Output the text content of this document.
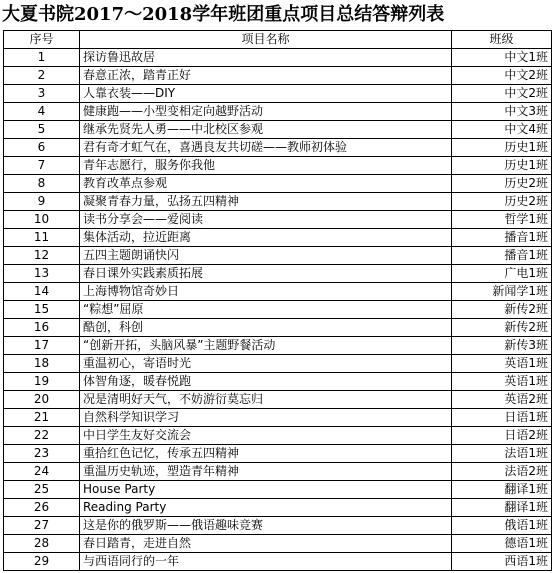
大夏书院2017～2018学年班团重点项目总结答辩列表
序号	项目名称	班级
1	探访鲁迅故居	中文1班
2	春意正浓，踏青正好	中文2班
3	人靠衣装——DIY	中文2班
4	健康跑——小型变相定向越野活动	中文3班
5	继承先贤先人勇——中北校区参观	中文4班
6	君有奇才虹气在，喜遇良友共切磋——教师初体验	历史1班
7	青年志愿行，服务你我他	历史1班
8	教育改革点参观	历史2班
9	凝聚青春力量，弘扬五四精神	历史2班
10	读书分享会——爱阅读	哲学1班
11	集体活动，拉近距离	播音1班
12	五四主题朗诵快闪	播音1班
13	春日课外实践素质拓展	广电1班
14	上海博物馆奇妙日	新闻学1班
15	“粽想”屈原	新传2班
16	酷创，科创	新传2班
17	“创新开拓，头脑风暴”主题野餐活动	新传3班
18	重温初心，寄语时光	英语1班
19	体智角逐，暖春悦跑	英语1班
20	况是清明好天气，不妨游衍莫忘归	英语2班
21	自然科学知识学习	日语1班
22	中日学生友好交流会	日语2班
23	重拾红色记忆，传承五四精神	法语1班
24	重温历史轨迹，塑造青年精神	法语2班
25	House Party	翻译1班
26	Reading Party	翻译1班
27	这是你的俄罗斯——俄语趣味竞赛	俄语1班
28	春日踏青，走进自然	德语1班
29	与西语同行的一年	西语1班
